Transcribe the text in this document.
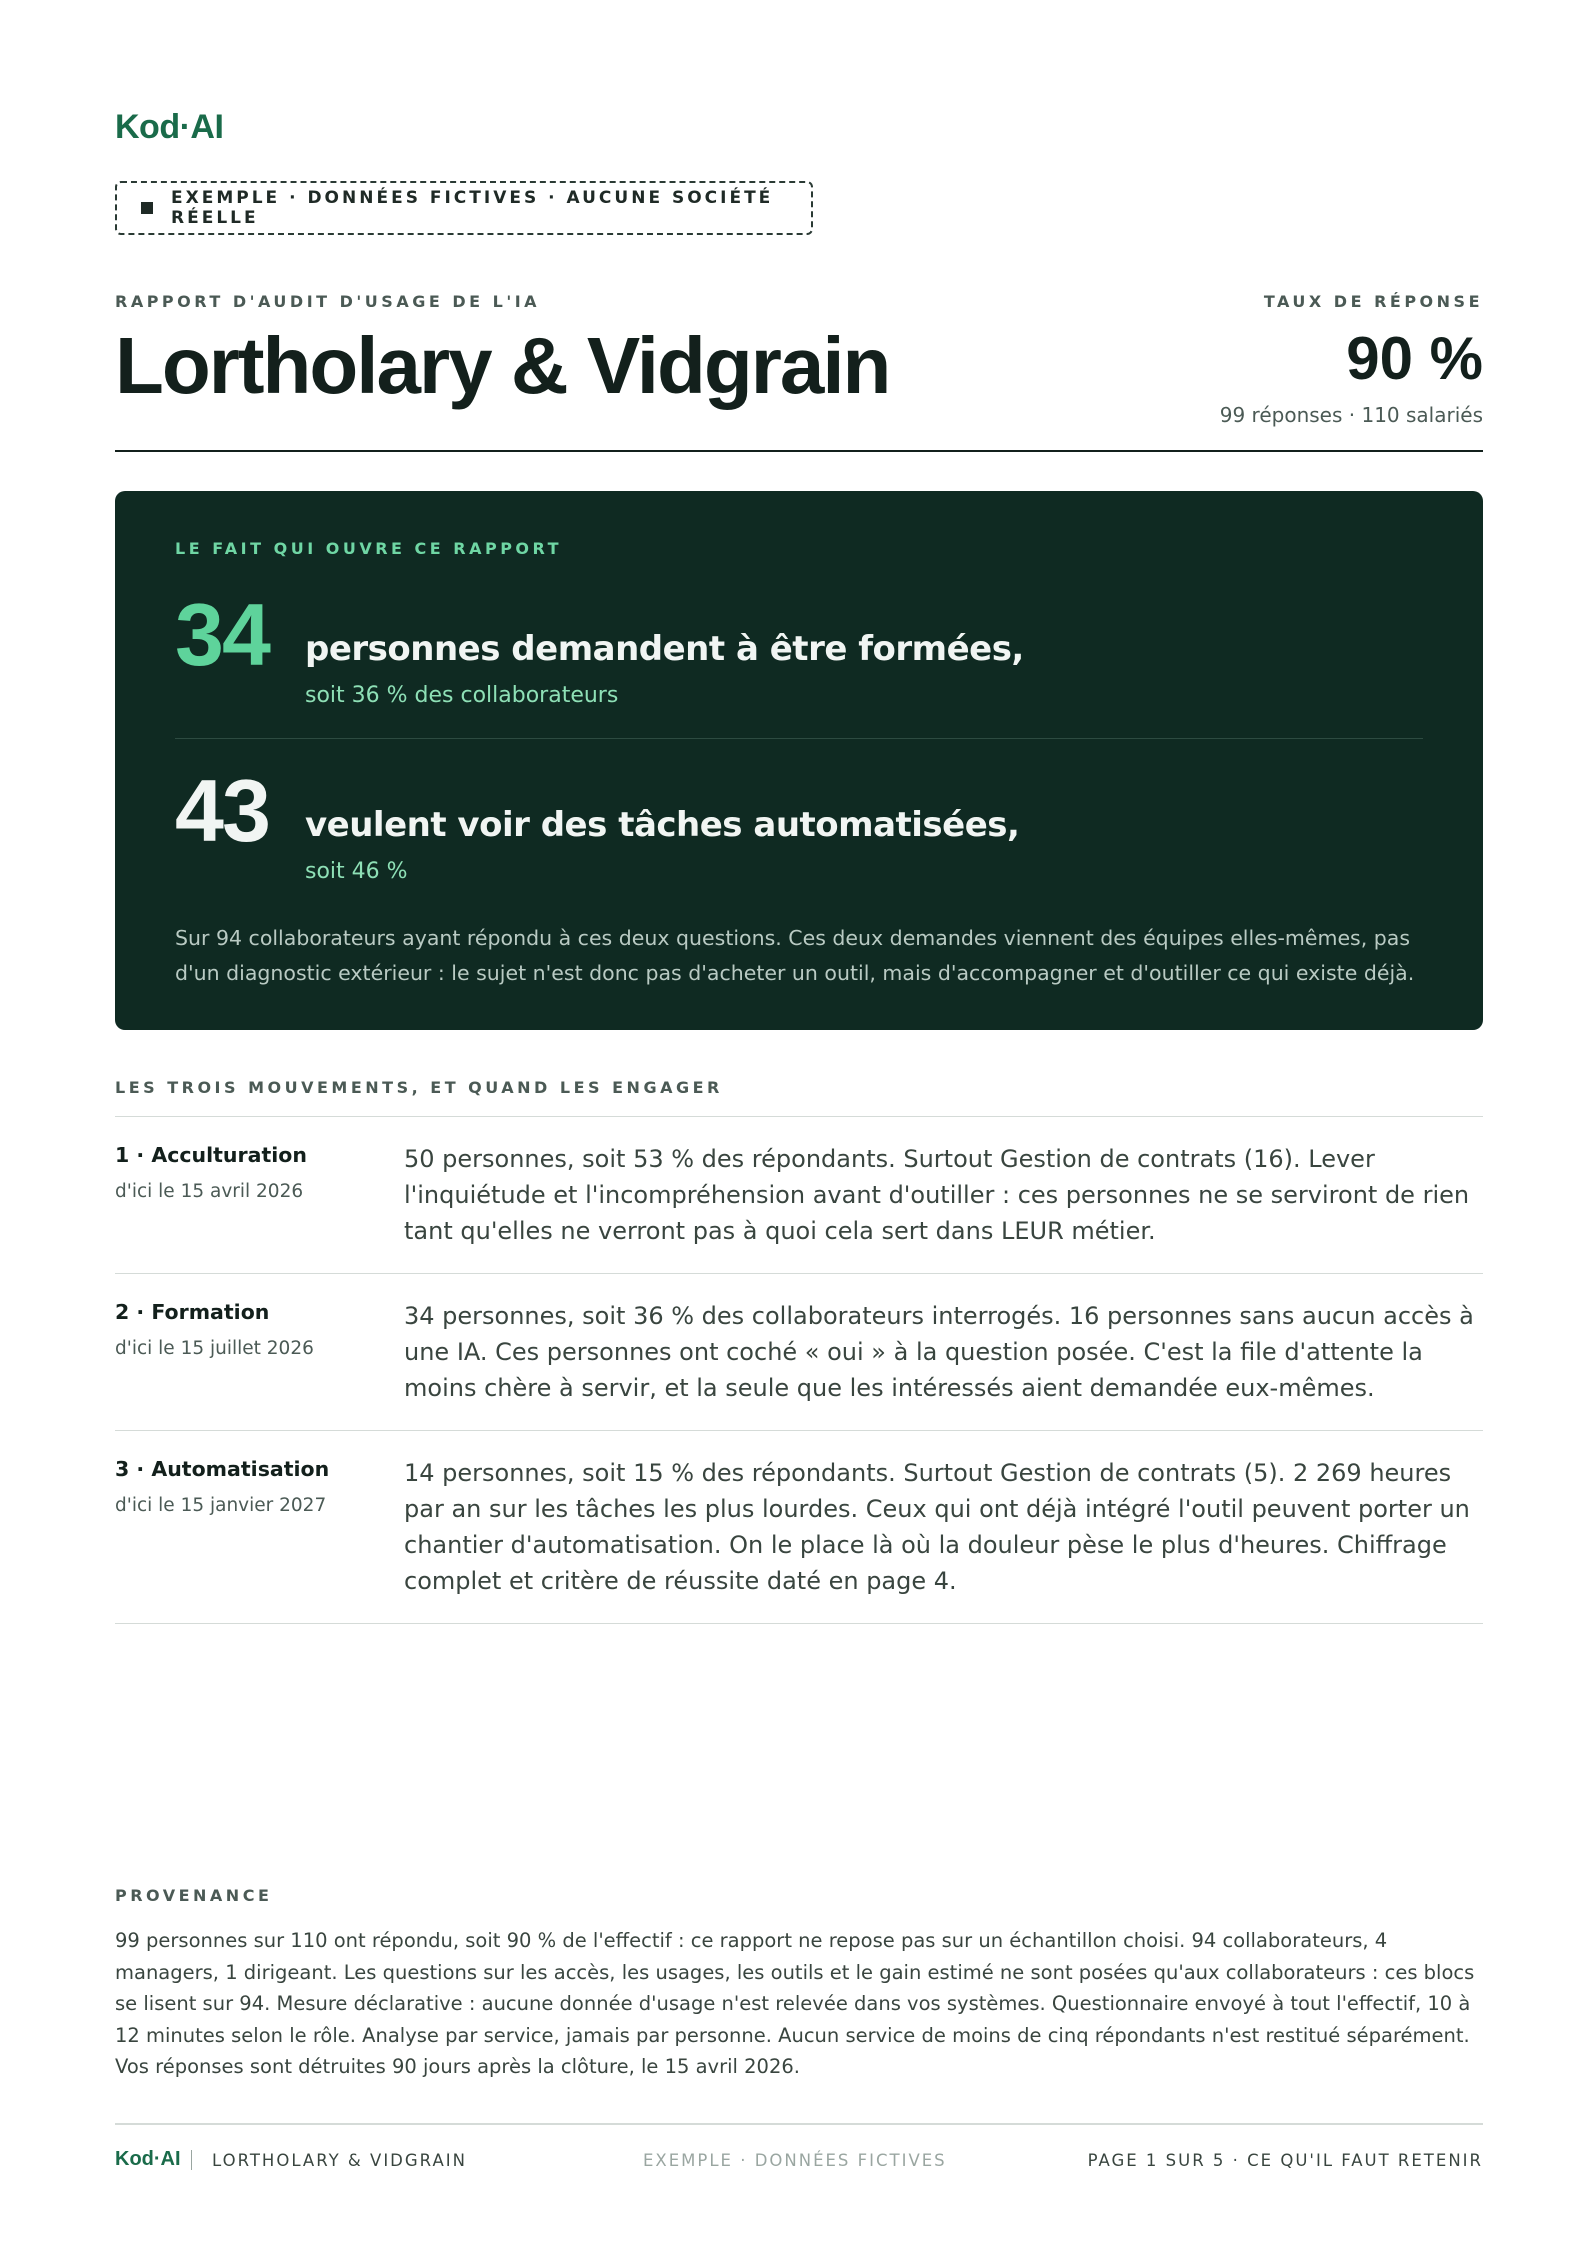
Kod·AI
EXEMPLE · DONNÉES FICTIVES · AUCUNE SOCIÉTÉ RÉELLE
RAPPORT D'AUDIT D'USAGE DE L'IA
Lortholary & Vidgrain
TAUX DE RÉPONSE
90 %
99 réponses · 110 salariés
LE FAIT QUI OUVRE CE RAPPORT
34	personnes demandent à être formées,
soit 36 % des collaborateurs
43	veulent voir des tâches automatisées,
soit 46 %

Sur 94 collaborateurs ayant répondu à ces deux questions. Ces deux demandes viennent des équipes elles-mêmes, pas d'un diagnostic extérieur : le sujet n'est donc pas d'acheter un outil, mais d'accompagner et d'outiller ce qui existe déjà.

LES TROIS MOUVEMENTS, ET QUAND LES ENGAGER
1 · Acculturation
d'ici le 15 avril 2026
50 personnes, soit 53 % des répondants. Surtout Gestion de contrats (16). Lever l'inquiétude et l'incompréhension avant d'outiller : ces personnes ne se serviront de rien tant qu'elles ne verront pas à quoi cela sert dans LEUR métier.
2 · Formation
d'ici le 15 juillet 2026
34 personnes, soit 36 % des collaborateurs interrogés. 16 personnes sans aucun accès à une IA. Ces personnes ont coché « oui » à la question posée. C'est la file d'attente la moins chère à servir, et la seule que les intéressés aient demandée eux-mêmes.
3 · Automatisation
d'ici le 15 janvier 2027
14 personnes, soit 15 % des répondants. Surtout Gestion de contrats (5). 2 269 heures par an sur les tâches les plus lourdes. Ceux qui ont déjà intégré l'outil peuvent porter un chantier d'automatisation. On le place là où la douleur pèse le plus d'heures. Chiffrage complet et critère de réussite daté en page 4.
PROVENANCE

99 personnes sur 110 ont répondu, soit 90 % de l'effectif : ce rapport ne repose pas sur un échantillon choisi. 94 collaborateurs, 4 managers, 1 dirigeant. Les questions sur les accès, les usages, les outils et le gain estimé ne sont posées qu'aux collaborateurs : ces blocs se lisent sur 94. Mesure déclarative : aucune donnée d'usage n'est relevée dans vos systèmes. Questionnaire envoyé à tout l'effectif, 10 à 12 minutes selon le rôle. Analyse par service, jamais par personne. Aucun service de moins de cinq répondants n'est restitué séparément. Vos réponses sont détruites 90 jours après la clôture, le 15 avril 2026.

Kod·AI LORTHOLARY & VIDGRAIN	EXEMPLE · DONNÉES FICTIVES	PAGE 1 SUR 5 · CE QU'IL FAUT RETENIR
